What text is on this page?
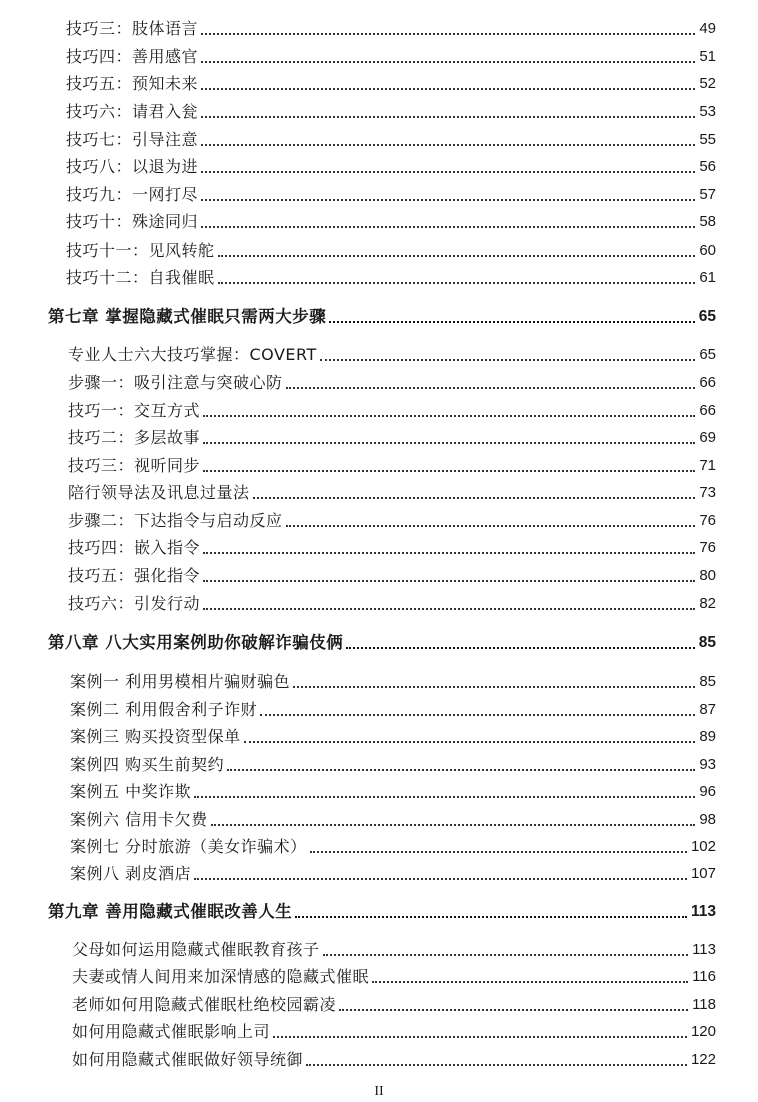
技巧三：肢体语言	49
技巧四：善用感官	51
技巧五：预知未来	52
技巧六：请君入瓮	53
技巧七：引导注意	55
技巧八：以退为进	56
技巧九：一网打尽	57
技巧十：殊途同归	58
技巧十一：见风转舵	60
技巧十二：自我催眠	61
第七章 掌握隐藏式催眠只需两大步骤	65
专业人士六大技巧掌握：COVERT	65
步骤一：吸引注意与突破心防	66
技巧一：交互方式	66
技巧二：多层故事	69
技巧三：视听同步	71
陪行领导法及讯息过量法	73
步骤二：下达指令与启动反应	76
技巧四：嵌入指令	76
技巧五：强化指令	80
技巧六：引发行动	82
第八章 八大实用案例助你破解诈骗伎俩	85
案例一 利用男模相片骗财骗色	85
案例二 利用假舍利子诈财	87
案例三 购买投资型保单	89
案例四 购买生前契约	93
案例五 中奖诈欺	96
案例六 信用卡欠费	98
案例七 分时旅游（美女诈骗术）	102
案例八 剥皮酒店	107
第九章 善用隐藏式催眠改善人生	113
父母如何运用隐藏式催眠教育孩子	113
夫妻或情人间用来加深情感的隐藏式催眠	116
老师如何用隐藏式催眠杜绝校园霸凌	118
如何用隐藏式催眠影响上司	120
如何用隐藏式催眠做好领导统御	122
II
